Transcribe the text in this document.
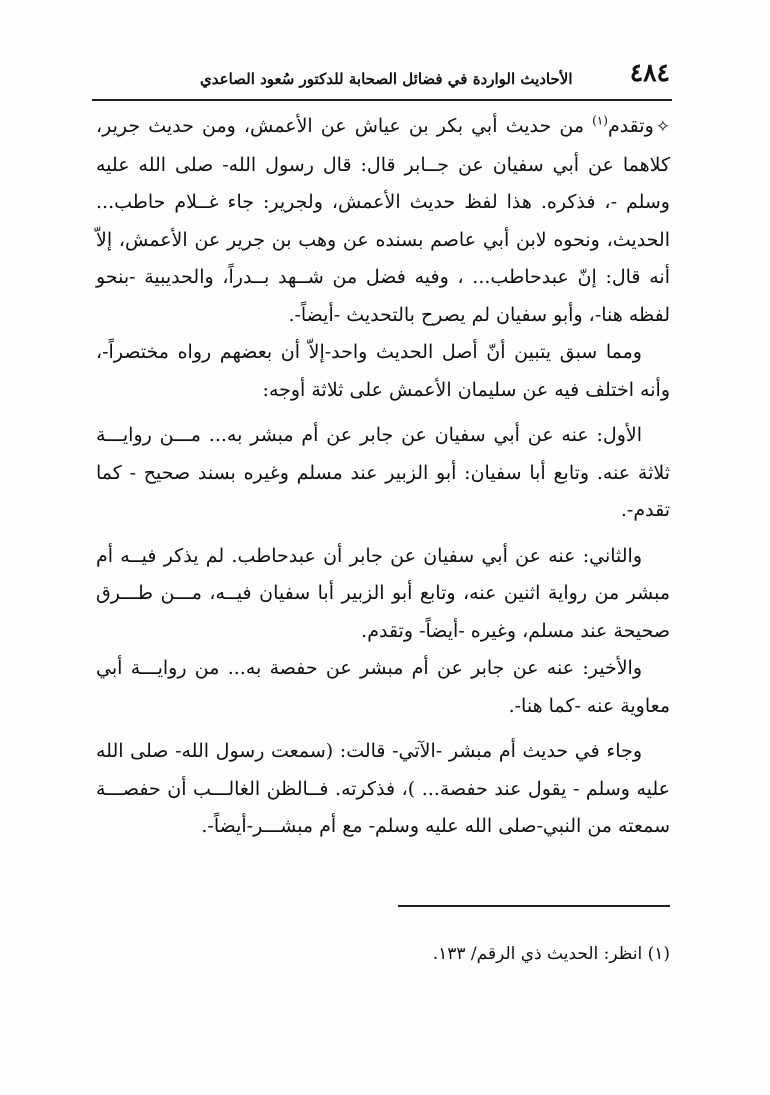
٤٨٤
الأحاديث الواردة في فضائل الصحابة للدكتور سُعود الصاعدي

✧وتقدم$^{(١)}$ من حديث أبي بكر بن عياش عن الأعمش، ومن حديث جرير، كلاهما عن أبي سفيان عن جــابر قال: قال رسول الله- صلى الله عليه وسلم -، فذكره. هذا لفظ حديث الأعمش، ولجرير: جاء غــلام حاطب... الحديث، ونحوه لابن أبي عاصم بسنده عن وهب بن جرير عن الأعمش، إلاّ أنه قال: إنّ عبدحاطب... ، وفيه فضل من شــهد بــدراً، والحديبية -بنحو لفظه هنا-، وأبو سفيان لم يصرح بالتحديث -أيضاً-.

ومما سبق يتبين أنّ أصل الحديث واحد-إلاّ أن بعضهم رواه مختصراً-، وأنه اختلف فيه عن سليمان الأعمش على ثلاثة أوجه:

الأول: عنه عن أبي سفيان عن جابر عن أم مبشر به... مـــن روايـــة ثلاثة عنه. وتابع أبا سفيان: أبو الزبير عند مسلم وغيره بسند صحيح - كما تقدم-.

والثاني: عنه عن أبي سفيان عن جابر أن عبدحاطب. لم يذكر فيــه أم مبشر من رواية اثنين عنه، وتابع أبو الزبير أبا سفيان فيــه، مـــن طـــرق صحيحة عند مسلم، وغيره -أيضاً- وتقدم.

والأخير: عنه عن جابر عن أم مبشر عن حفصة به... من روايـــة أبي معاوية عنه -كما هنا-.

وجاء في حديث أم مبشر -الآتي- قالت: (سمعت رسول الله- صلى الله عليه وسلم - يقول عند حفصة... )، فذكرته. فــالظن الغالـــب أن حفصـــة سمعته من النبي-صلى الله عليه وسلم- مع أم مبشـــر-أيضاً-.

(١) انظر: الحديث ذي الرقم/ ١٣٣.
